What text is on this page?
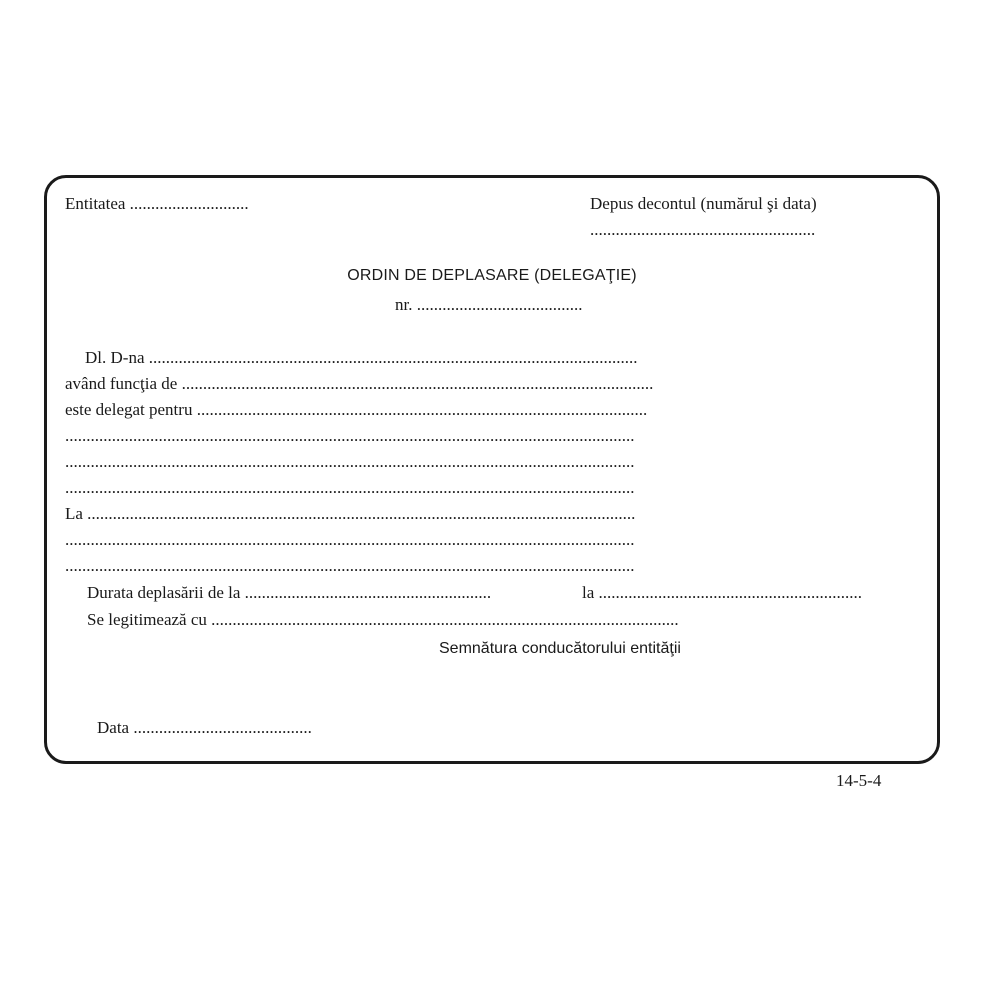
Entitatea ............................	Depus decontul (numărul şi data)

.....................................................

ORDIN DE DEPLASARE (DELEGAŢIE)

nr. .......................................

Dl. D-na ...................................................................................................................

având funcţia de ...............................................................................................................

este delegat pentru ..........................................................................................................

......................................................................................................................................

......................................................................................................................................

......................................................................................................................................

La .................................................................................................................................

......................................................................................................................................

......................................................................................................................................

Durata deplasării de la ..........................................................	la ..............................................................

Se legitimează cu ..............................................................................................................

Semnătura conducătorului entităţii

Data ..........................................

14-5-4
